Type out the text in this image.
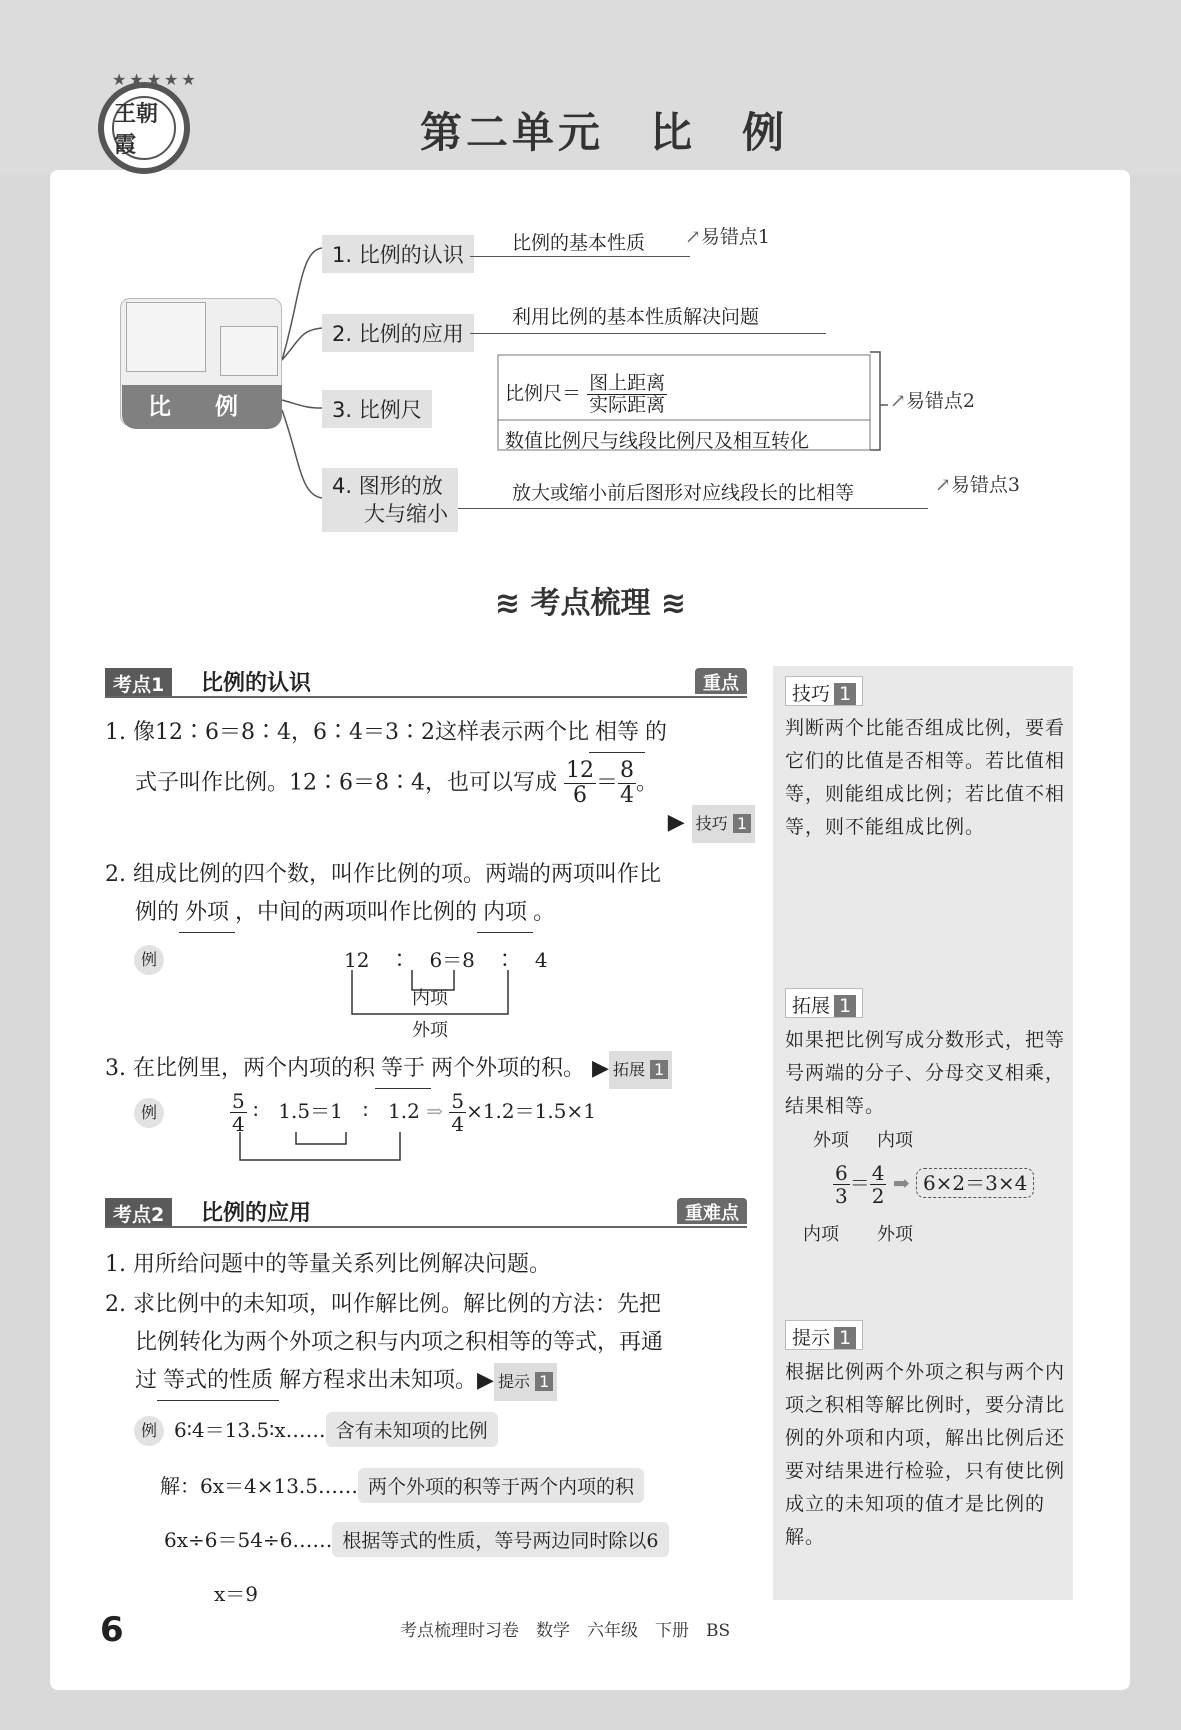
★★★★★
王朝霞	第二单元　比　例
比 例
1. 比例的认识	比例的基本性质 ↗易错点1
2. 比例的应用
利用比例的基本性质解决问题
3. 比例尺
比例尺＝ $\frac{\text{图上距离}}{\text{实际距离}}$
数值比例尺与线段比例尺及相互转化
↗易错点2
4. 图形的放
大与缩小
放大或缩小前后图形对应线段长的比相等	↗易错点3
≋ 考点梳理 ≋
考点1	比例的认识	重点
1. 像12∶6＝8∶4，6∶4＝3∶2这样表示两个比 相等 的
式子叫作比例。12∶6＝8∶4，也可以写成 $\frac{12}{6} = \frac{8}{4}$ 。
▶ 技巧 1
2. 组成比例的四个数，叫作比例的项。两端的两项叫作比
例的 外项 ，中间的两项叫作比例的 内项 。
例	12　∶　6＝8　∶　4
内项
外项
3. 在比例里，两个内项的积 等于 两个外项的积。 ▶ 拓展 1
例	$\frac{5}{4}$ ∶　1.5＝1　∶　1.2 ⇒ $\frac{5}{4} \times 1.2=1.5\times 1$
考点2	比例的应用	重难点
1. 用所给问题中的等量关系列比例解决问题。
2. 求比例中的未知项，叫作解比例。解比例的方法：先把
比例转化为两个外项之积与内项之积相等的等式，再通
过 等式的性质 解方程求出未知项。▶ 提示 1
例 6∶4＝13.5∶x…… 含有未知项的比例
解：6x＝4×13.5…… 两个外项的积等于两个内项的积
6x÷6＝54÷6…… 根据等式的性质，等号两边同时除以6
x＝9
技巧 1
判断两个比能否组成比例，要看它们的比值是否相等。若比值相等，则能组成比例；若比值不相等，则不能组成比例。
拓展 1
如果把比例写成分数形式，把等号两端的分子、分母交叉相乘，结果相等。
外项 内项
$\frac{6}{3} = \frac{4}{2}$ ➡ 6×2＝3×4
内项 外项
提示 1
根据比例两个外项之积与两个内项之积相等解比例时，要分清比例的外项和内项，解出比例后还要对结果进行检验，只有使比例成立的未知项的值才是比例的解。
6	考点梳理时习卷　数学　六年级　下册　BS
